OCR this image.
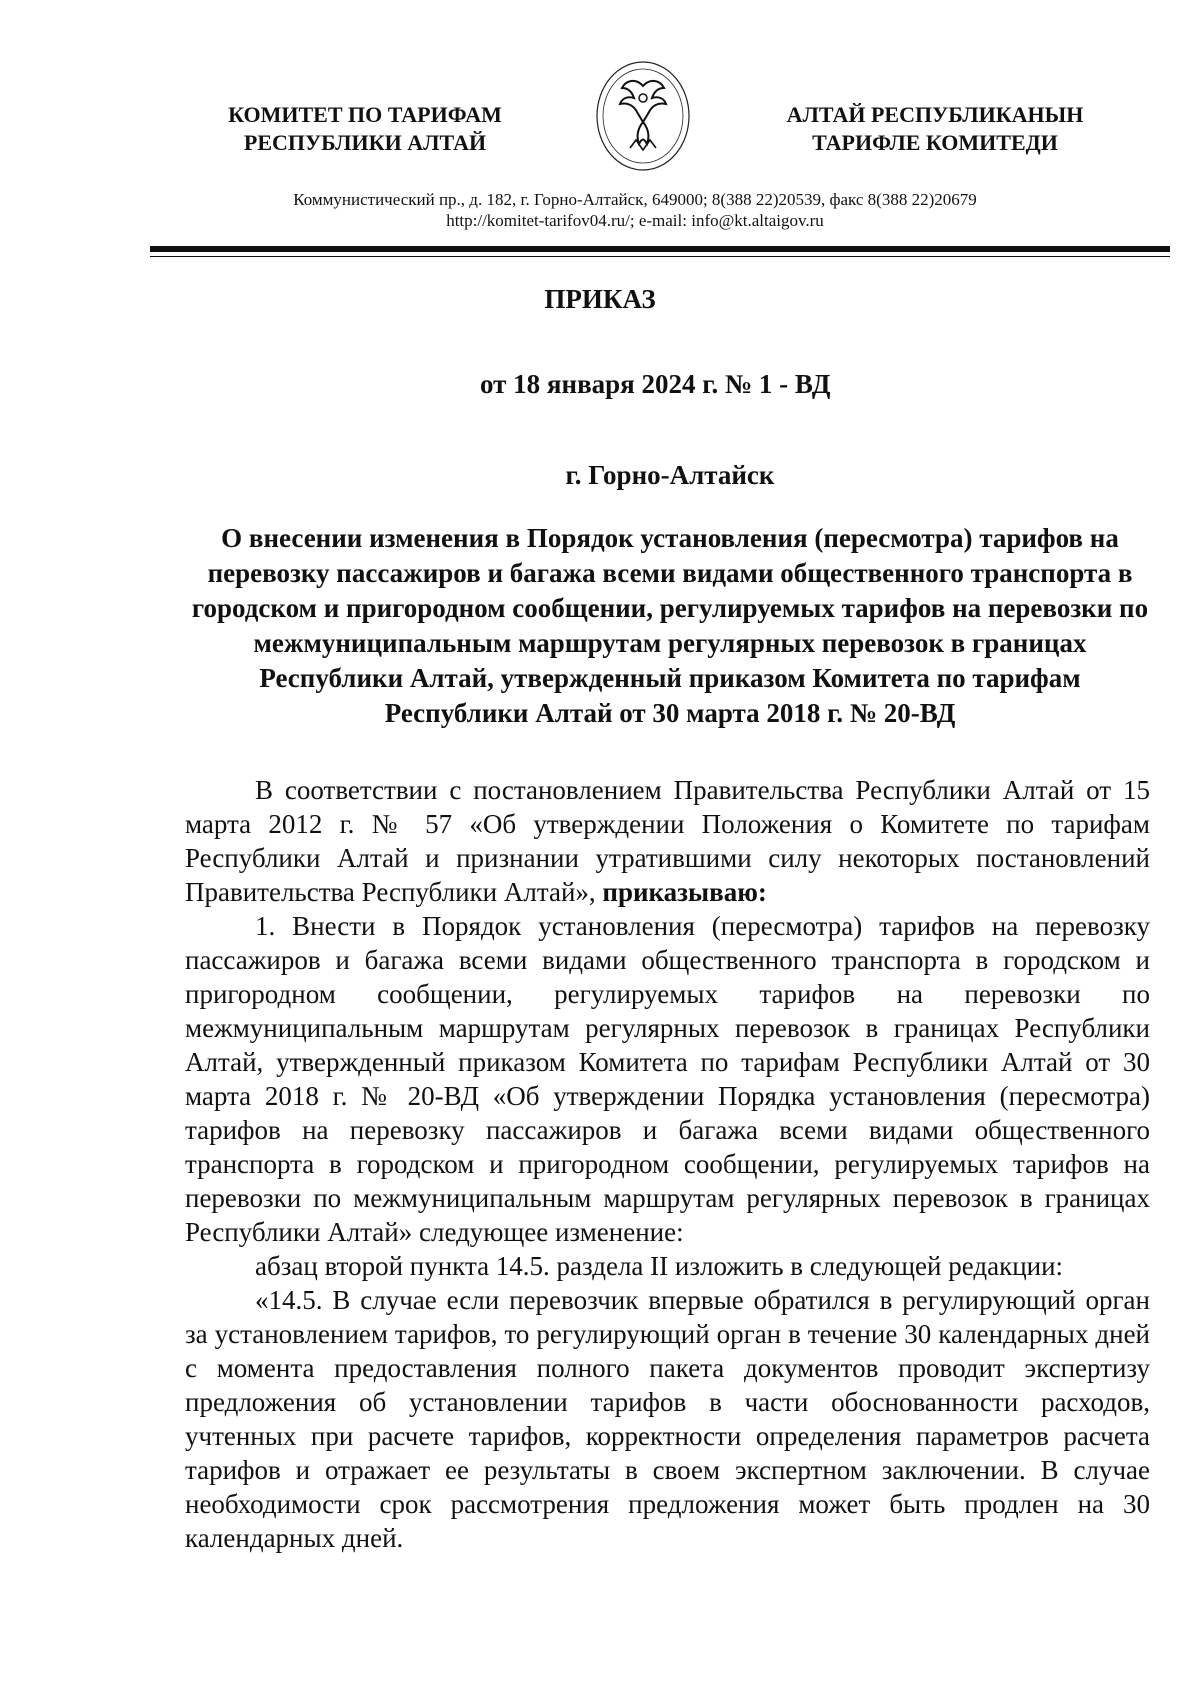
КОМИТЕТ ПО ТАРИФАМ
РЕСПУБЛИКИ АЛТАЙ
АЛТАЙ РЕСПУБЛИКАНЫН
ТАРИФЛЕ КОМИТЕДИ
Коммунистический пр., д. 182, г. Горно-Алтайск, 649000; 8(388 22)20539, факс 8(388 22)20679
http://komitet-tarifov04.ru/; e-mail: info@kt.altaigov.ru
ПРИКАЗ
от 18 января 2024 г. № 1 - ВД
г. Горно-Алтайск

О внесении изменения в Порядок установления (пересмотра) тарифов на перевозку пассажиров и багажа всеми видами общественного транспорта в городском и пригородном сообщении, регулируемых тарифов на перевозки по межмуниципальным маршрутам регулярных перевозок в границах Республики Алтай, утвержденный приказом Комитета по тарифам Республики Алтай от 30 марта 2018 г. № 20-ВД

В соответствии с постановлением Правительства Республики Алтай от 15 марта 2012 г. № 57 «Об утверждении Положения о Комитете по тарифам Республики Алтай и признании утратившими силу некоторых постановлений Правительства Республики Алтай», приказываю:

1. Внести в Порядок установления (пересмотра) тарифов на перевозку пассажиров и багажа всеми видами общественного транспорта в городском и пригородном сообщении, регулируемых тарифов на перевозки по межмуниципальным маршрутам регулярных перевозок в границах Республики Алтай, утвержденный приказом Комитета по тарифам Республики Алтай от 30 марта 2018 г. № 20-ВД «Об утверждении Порядка установления (пересмотра) тарифов на перевозку пассажиров и багажа всеми видами общественного транспорта в городском и пригородном сообщении, регулируемых тарифов на перевозки по межмуниципальным маршрутам регулярных перевозок в границах Республики Алтай» следующее изменение:

абзац второй пункта 14.5. раздела II изложить в следующей редакции:

«14.5. В случае если перевозчик впервые обратился в регулирующий орган за установлением тарифов, то регулирующий орган в течение 30 календарных дней с момента предоставления полного пакета документов проводит экспертизу предложения об установлении тарифов в части обоснованности расходов, учтенных при расчете тарифов, корректности определения параметров расчета тарифов и отражает ее результаты в своем экспертном заключении. В случае необходимости срок рассмотрения предложения может быть продлен на 30 календарных дней.
